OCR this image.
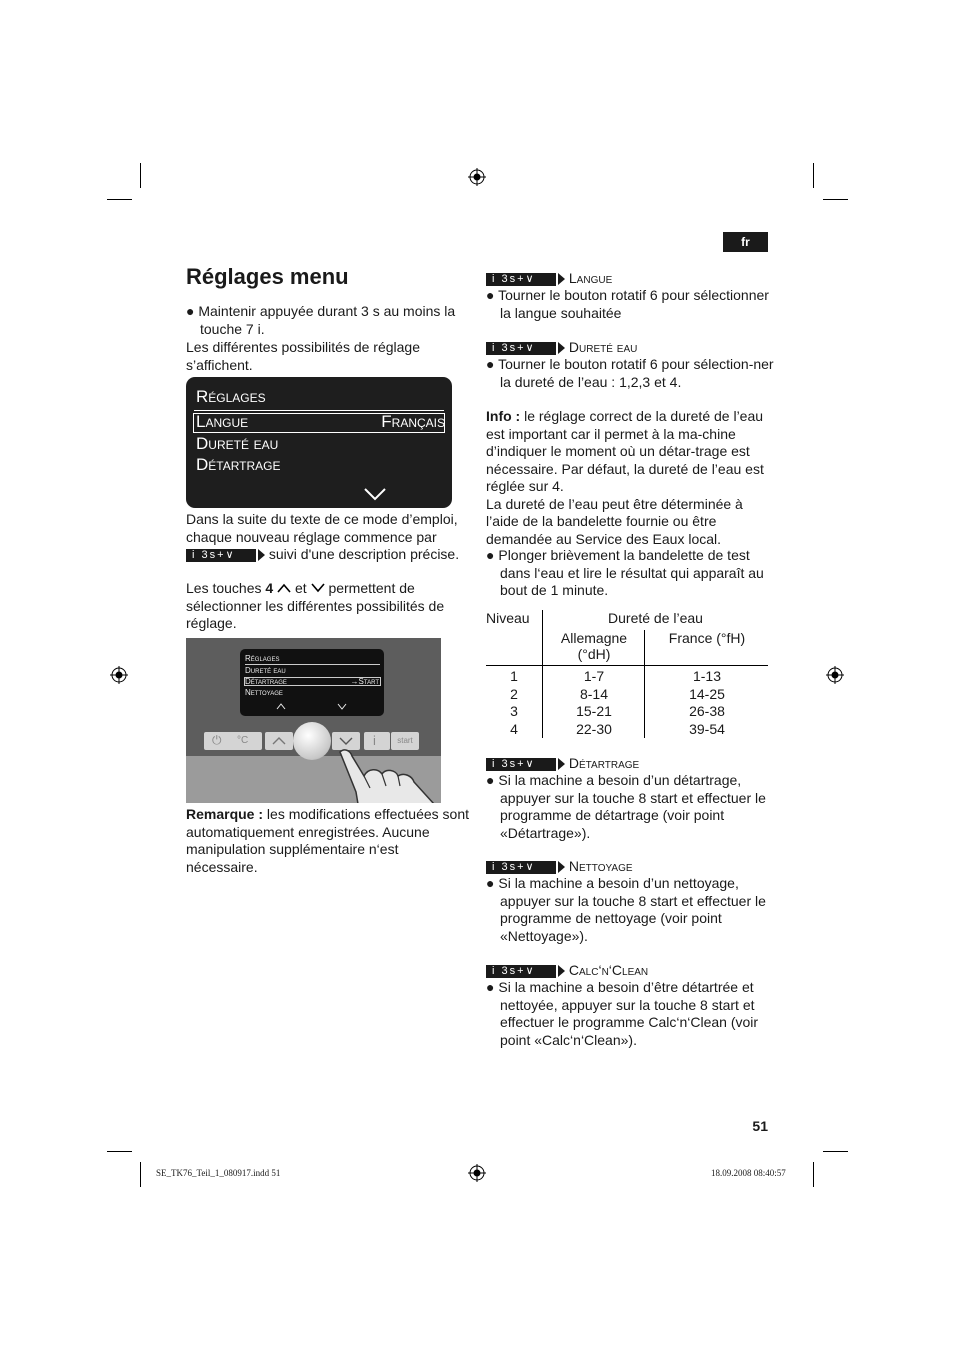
fr
Réglages menu

● Maintenir appuyée durant 3 s au moins la touche 7 i.

Les différentes possibilités de réglage s’affichent.

Réglages
Langue	Français
Dureté eau
Détartrage

Dans la suite du texte de ce mode d’emploi, chaque nouveau réglage commence par
i 3s+∨ suivi d'une description précise.

Les touches 4 et permettent de sélectionner les différentes possibilités de réglage.

Réglages
Dureté eau
Détartrage	→Start
Nettoyage
⏻ °C	i	start

Remarque : les modifications effectuées sont automatiquement enregistrées. Aucune manipulation supplémentaire n‘est nécessaire.

i 3s+∨ Langue

● Tourner le bouton rotatif 6 pour sélectionner la langue souhaitée

i 3s+∨ Dureté eau

● Tourner le bouton rotatif 6 pour sélection-ner la dureté de l’eau : 1,2,3 et 4.

Info : le réglage correct de la dureté de l’eau est important car il permet à la ma-chine d’indiquer le moment où un détar-trage est nécessaire. Par défaut, la dureté de l’eau est réglée sur 4.
La dureté de l’eau peut être déterminée à l’aide de la bandelette fournie ou être demandée au Service des Eaux local.

● Plonger brièvement la bandelette de test dans l‘eau et lire le résultat qui apparaît au bout de 1 minute.

Niveau	Dureté de l’eau
Allemagne (°dH)
France (°fH)
1	1-7	1-13
2	8-14	14-25
3	15-21	26-38
4	22-30	39-54
i 3s+∨ Détartrage

● Si la machine a besoin d’un détartrage, appuyer sur la touche 8 start et effectuer le programme de détartrage (voir point «Détartrage»).

i 3s+∨ Nettoyage

● Si la machine a besoin d’un nettoyage, appuyer sur la touche 8 start et effectuer le programme de nettoyage (voir point «Nettoyage»).

i 3s+∨ Calc‘n‘Clean

● Si la machine a besoin d’être détartrée et nettoyée, appuyer sur la touche 8 start et effectuer le programme Calc‘n‘Clean (voir point «Calc‘n‘Clean»).

51
SE_TK76_Teil_1_080917.indd 51	18.09.2008 08:40:57
